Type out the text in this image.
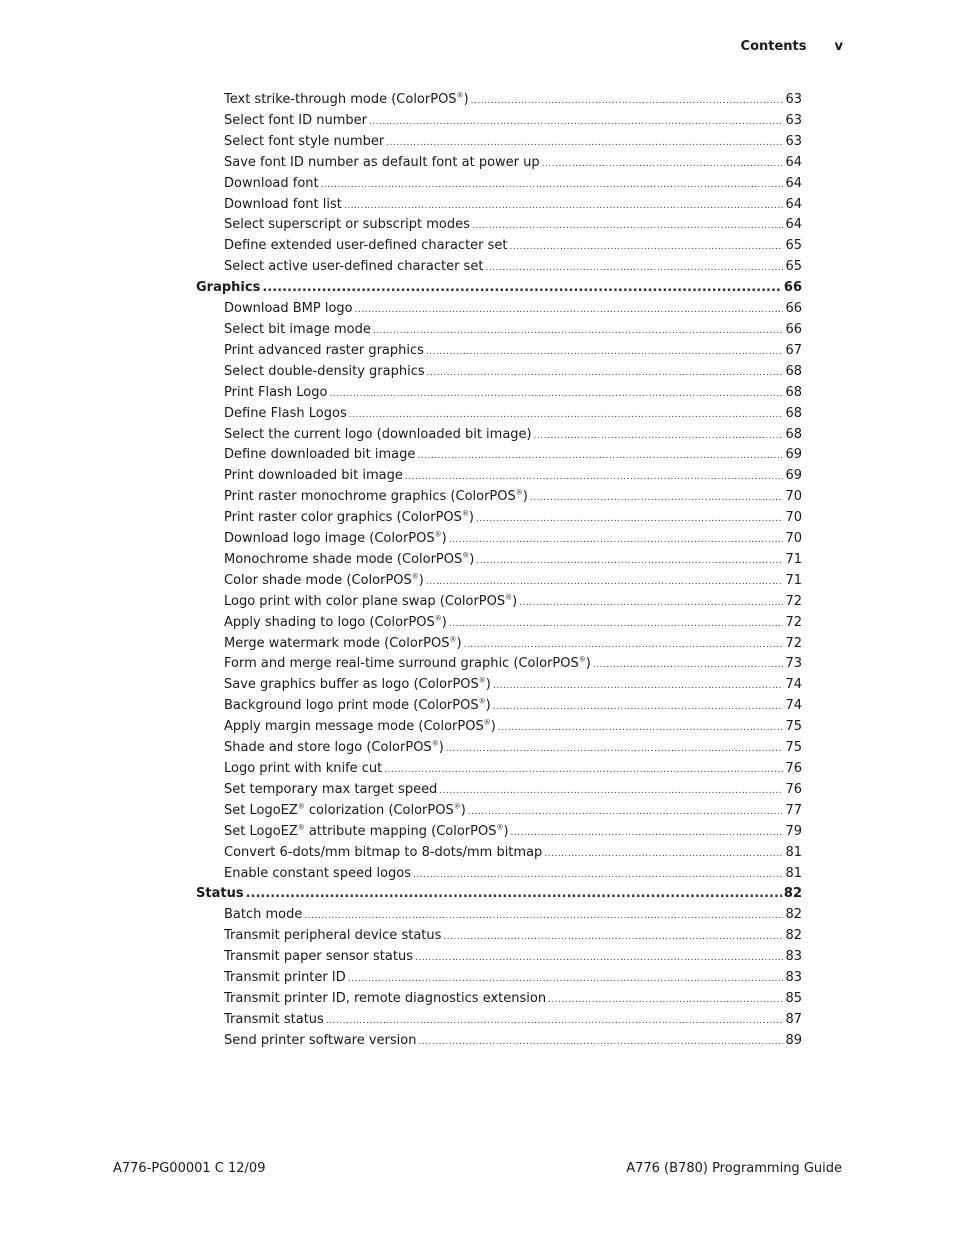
Contents v
Text strike-through mode (ColorPOS®) .....	63
Select font ID number .....	63
Select font style number .....	63
Save font ID number as default font at power up .....	64
Download font .....	64
Download font list .....	64
Select superscript or subscript modes .....	64
Define extended user-defined character set .....	65
Select active user-defined character set .....	65
Graphics .....	66
Download BMP logo .....	66
Select bit image mode .....	66
Print advanced raster graphics .....	67
Select double-density graphics .....	68
Print Flash Logo .....	68
Define Flash Logos .....	68
Select the current logo (downloaded bit image) .....	68
Define downloaded bit image .....	69
Print downloaded bit image .....	69
Print raster monochrome graphics (ColorPOS®) .....	70
Print raster color graphics (ColorPOS®) .....	70
Download logo image (ColorPOS®) .....	70
Monochrome shade mode (ColorPOS®) .....	71
Color shade mode (ColorPOS®) .....	71
Logo print with color plane swap (ColorPOS®) .....	72
Apply shading to logo (ColorPOS®) .....	72
Merge watermark mode (ColorPOS®) .....	72
Form and merge real-time surround graphic (ColorPOS®) .....	73
Save graphics buffer as logo (ColorPOS®) .....	74
Background logo print mode (ColorPOS®) .....	74
Apply margin message mode (ColorPOS®) .....	75
Shade and store logo (ColorPOS®) .....	75
Logo print with knife cut .....	76
Set temporary max target speed .....	76
Set LogoEZ® colorization (ColorPOS®) .....	77
Set LogoEZ® attribute mapping (ColorPOS®) .....	79
Convert 6-dots/mm bitmap to 8-dots/mm bitmap .....	81
Enable constant speed logos .....	81
Status .....	82
Batch mode .....	82
Transmit peripheral device status .....	82
Transmit paper sensor status .....	83
Transmit printer ID .....	83
Transmit printer ID, remote diagnostics extension .....	85
Transmit status .....	87
Send printer software version .....	89
A776-PG00001 C 12/09	A776 (B780) Programming Guide
